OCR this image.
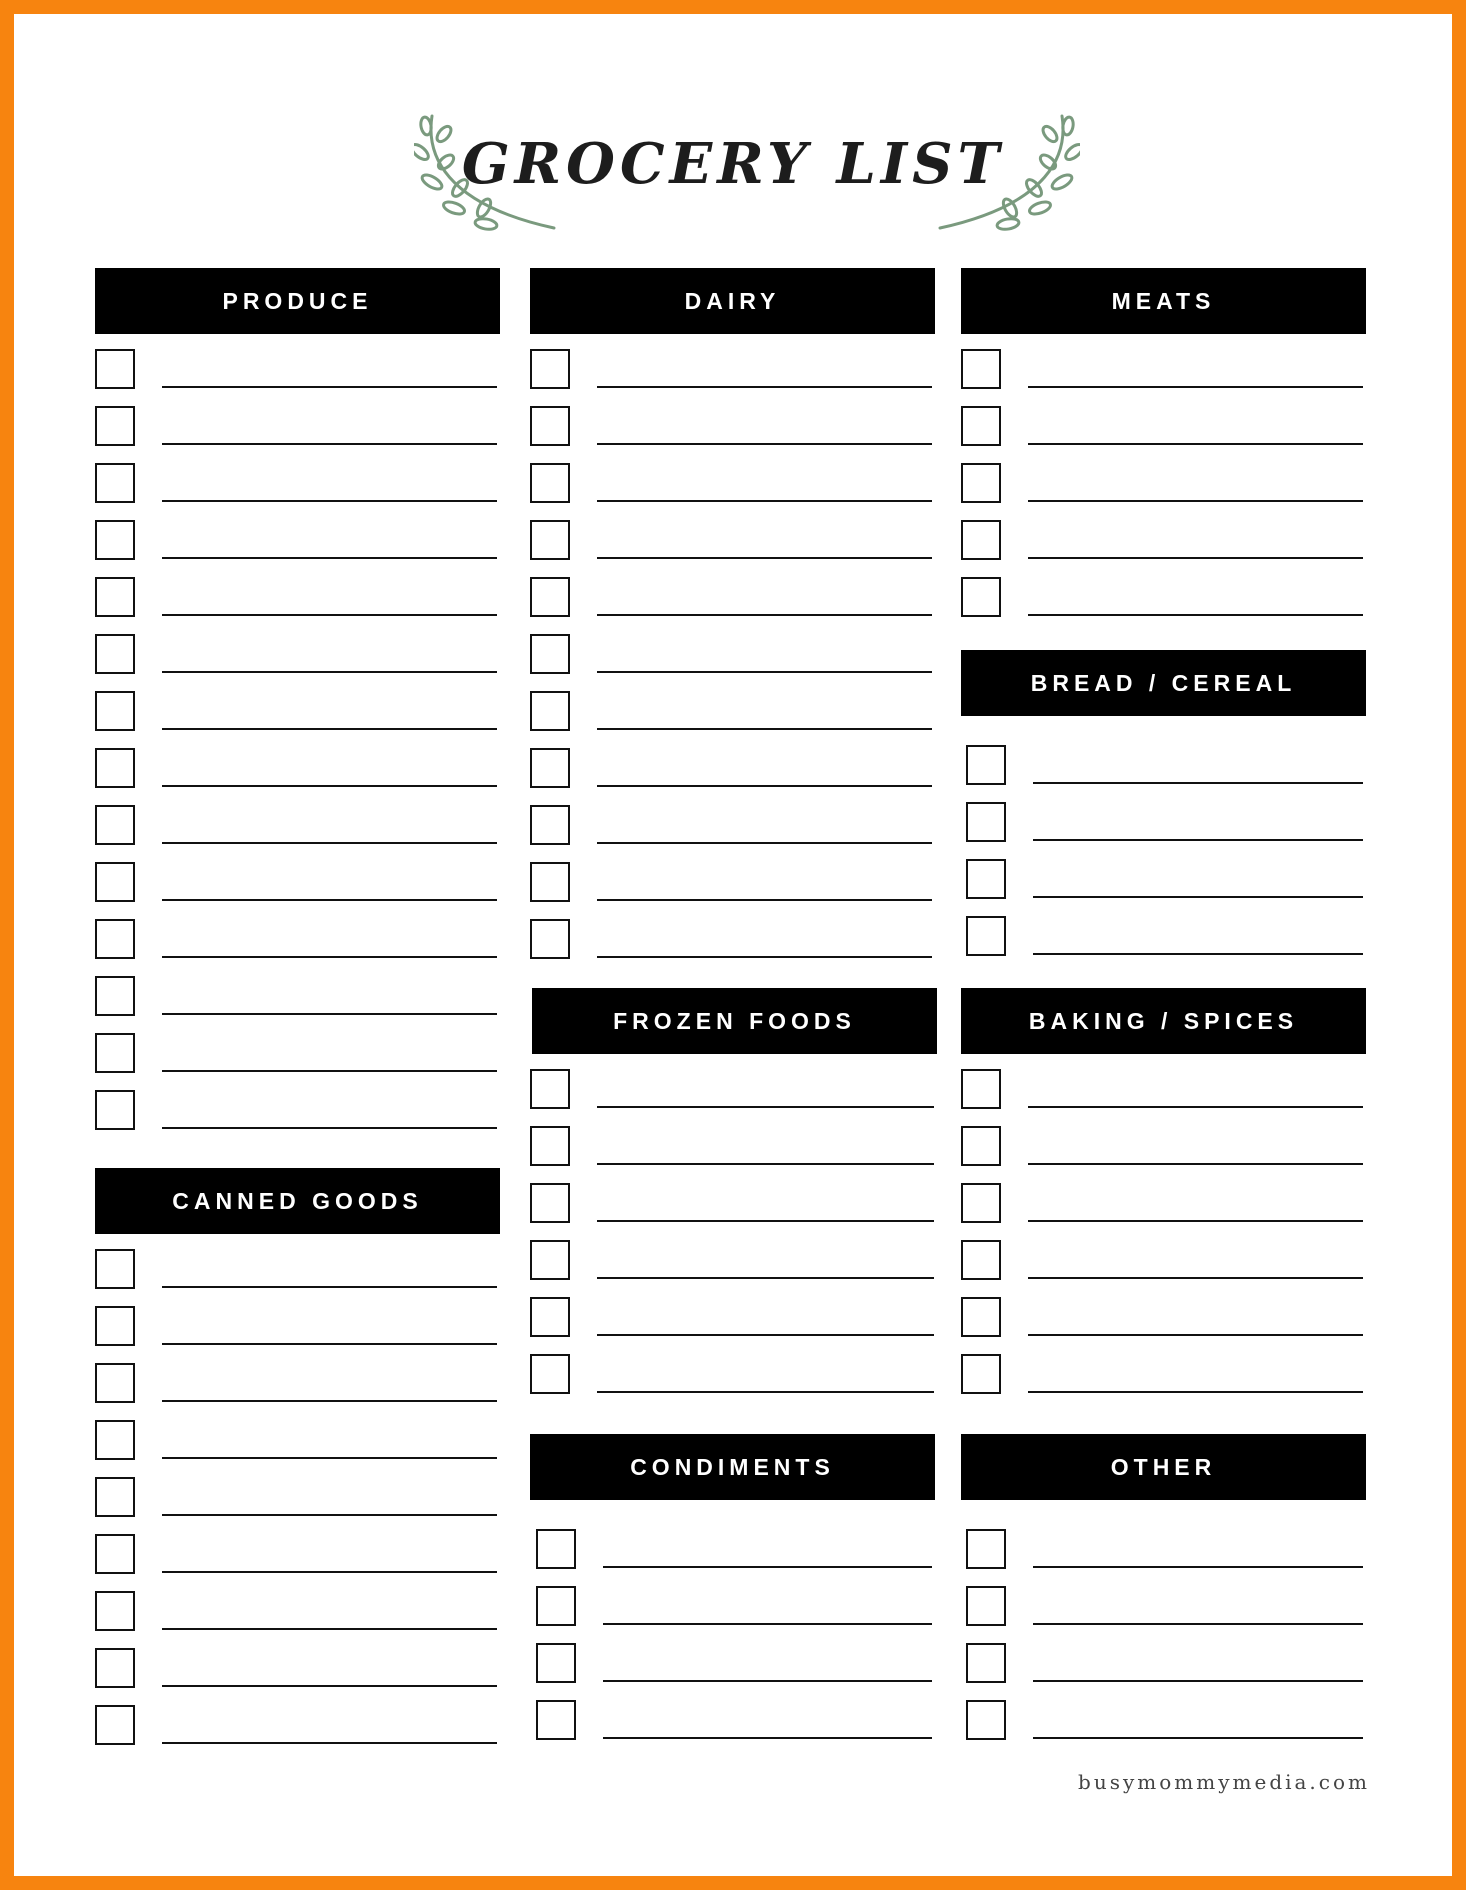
GROCERY LIST
PRODUCE
CANNED GOODS
DAIRY
FROZEN FOODS
CONDIMENTS
MEATS
BREAD / CEREAL
BAKING / SPICES
OTHER
busymommymedia.com
